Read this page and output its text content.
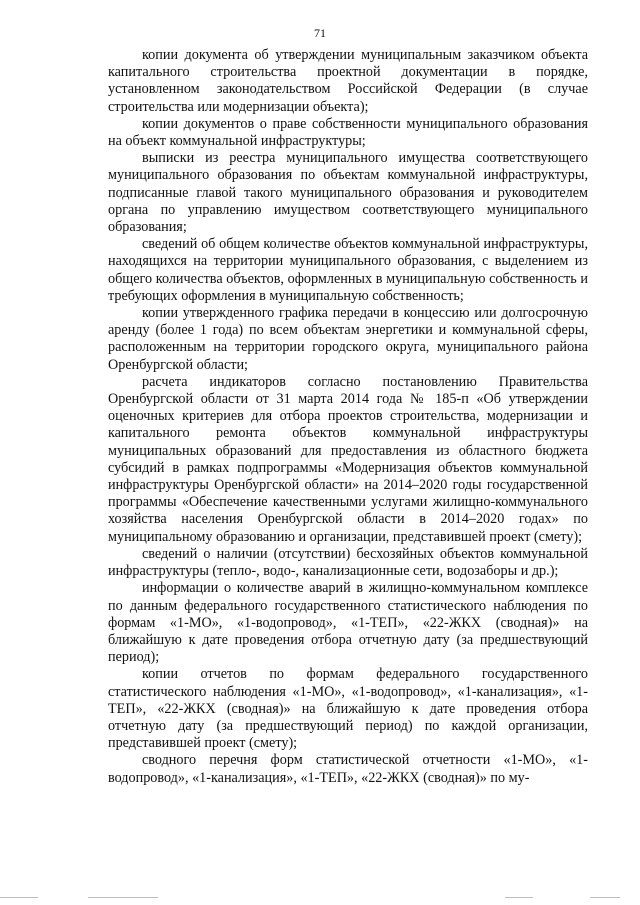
71

копии документа об утверждении муниципальным заказчиком объекта капитального строительства проектной документации в порядке, установленном законодательством Российской Федерации (в случае строительства или модернизации объекта);

копии документов о праве собственности муниципального образования на объект коммунальной инфраструктуры;

выписки из реестра муниципального имущества соответствующего муниципального образования по объектам коммунальной инфраструктуры, подписанные главой такого муниципального образования и руководителем органа по управлению имуществом соответствующего муниципального образования;

сведений об общем количестве объектов коммунальной инфраструктуры, находящихся на территории муниципального образования, с выделением из общего количества объектов, оформленных в муниципальную собственность и требующих оформления в муниципальную собственность;

копии утвержденного графика передачи в концессию или долгосрочную аренду (более 1 года) по всем объектам энергетики и коммунальной сферы, расположенным на территории городского округа, муниципального района Оренбургской области;

расчета индикаторов согласно постановлению Правительства Оренбургской области от 31 марта 2014 года № 185-п «Об утверждении оценочных критериев для отбора проектов строительства, модернизации и капитального ремонта объектов коммунальной инфраструктуры муниципальных образований для предоставления из областного бюджета субсидий в рамках подпрограммы «Модернизация объектов коммунальной инфраструктуры Оренбургской области» на 2014–2020 годы государственной программы «Обеспечение качественными услугами жилищно-коммунального хозяйства населения Оренбургской области в 2014–2020 годах» по муниципальному образованию и организации, представившей проект (смету);

сведений о наличии (отсутствии) бесхозяйных объектов коммунальной инфраструктуры (тепло-, водо-, канализационные сети, водозаборы и др.);

информации о количестве аварий в жилищно-коммунальном комплексе по данным федерального государственного статистического наблюдения по формам «1-МО», «1-водопровод», «1-ТЕП», «22-ЖКХ (сводная)» на ближайшую к дате проведения отбора отчетную дату (за предшествующий период);

копии отчетов по формам федерального государственного статистического наблюдения «1-МО», «1-водопровод», «1-канализация», «1-ТЕП», «22-ЖКХ (сводная)» на ближайшую к дате проведения отбора отчетную дату (за предшествующий период) по каждой организации, представившей проект (смету);

сводного перечня форм статистической отчетности «1-МО», «1-водопровод», «1-канализация», «1-ТЕП», «22-ЖКХ (сводная)» по му-
